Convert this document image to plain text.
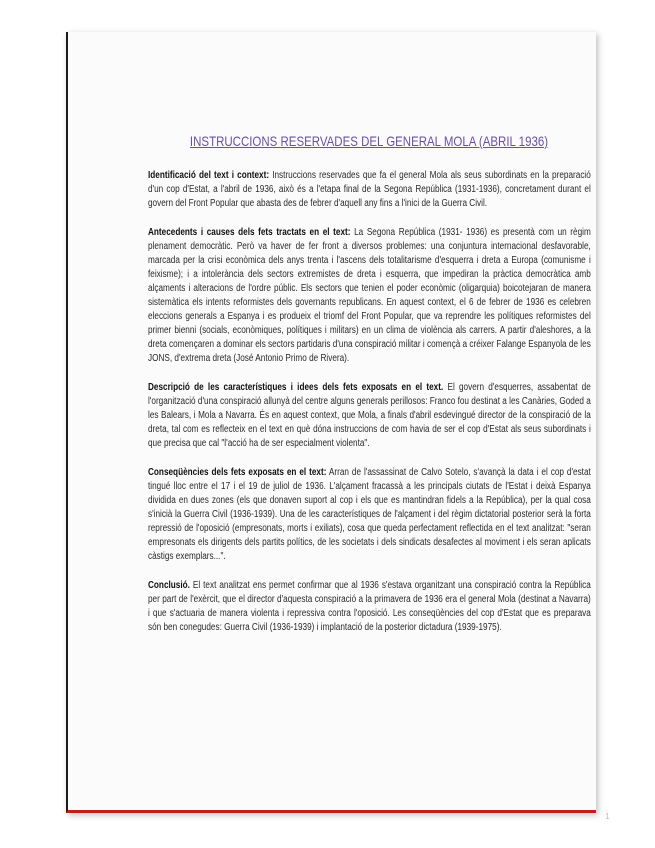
INSTRUCCIONS RESERVADES DEL GENERAL MOLA (ABRIL 1936)

Identificació del text i context: Instruccions reservades que fa el general Mola als seus subordinats en la preparació d'un cop d'Estat, a l'abril de 1936, això és a l'etapa final de la Segona República (1931-1936), concretament durant el govern del Front Popular que abasta des de febrer d'aquell any fins a l'inici de la Guerra Civil.

Antecedents i causes dels fets tractats en el text: La Segona República (1931- 1936) es presentà com un règim plenament democràtic. Però va haver de fer front a diversos problemes: una conjuntura internacional desfavorable, marcada per la crisi econòmica dels anys trenta i l'ascens dels totalitarisme d'esquerra i dreta a Europa (comunisme i feixisme); i a intolerància dels sectors extremistes de dreta i esquerra, que impediran la pràctica democràtica amb alçaments i alteracions de l'ordre públic. Els sectors que tenien el poder econòmic (oligarquia) boicotejaran de manera sistemàtica els intents reformistes dels governants republicans. En aquest context, el 6 de febrer de 1936 es celebren eleccions generals a Espanya i es produeix el triomf del Front Popular, que va reprendre les polítiques reformistes del primer bienni (socials, econòmiques, polítiques i militars) en un clima de violència als carrers. A partir d'aleshores, a la dreta començaren a dominar els sectors partidaris d'una conspiració militar i començà a créixer Falange Espanyola de les JONS, d'extrema dreta (José Antonio Primo de Rivera).

Descripció de les característiques i idees dels fets exposats en el text. El govern d'esquerres, assabentat de l'organització d'una conspiració allunyà del centre alguns generals perillosos: Franco fou destinat a les Canàries, Goded a les Balears, i Mola a Navarra. És en aquest context, que Mola, a finals d'abril esdevingué director de la conspiració de la dreta, tal com es reflecteix en el text en què dóna instruccions de com havia de ser el cop d'Estat als seus subordinats i que precisa que cal "l'acció ha de ser especialment violenta".

Conseqüències dels fets exposats en el text: Arran de l'assassinat de Calvo Sotelo, s'avançà la data i el cop d'estat tingué lloc entre el 17 i el 19 de juliol de 1936. L'alçament fracassà a les principals ciutats de l'Estat i deixà Espanya dividida en dues zones (els que donaven suport al cop i els que es mantindran fidels a la República), per la qual cosa s'inicià la Guerra Civil (1936-1939). Una de les característiques de l'alçament i del règim dictatorial posterior serà la forta repressió de l'oposició (empresonats, morts i exiliats), cosa que queda perfectament reflectida en el text analitzat: "seran empresonats els dirigents dels partits polítics, de les societats i dels sindicats desafectes al moviment i els seran aplicats càstigs exemplars...".

Conclusió. El text analitzat ens permet confirmar que al 1936 s'estava organitzant una conspiració contra la República per part de l'exèrcit, que el director d'aquesta conspiració a la primavera de 1936 era el general Mola (destinat a Navarra) i que s'actuaria de manera violenta i repressiva contra l'oposició. Les conseqüències del cop d'Estat que es preparava són ben conegudes: Guerra Civil (1936-1939) i implantació de la posterior dictadura (1939-1975).

1
